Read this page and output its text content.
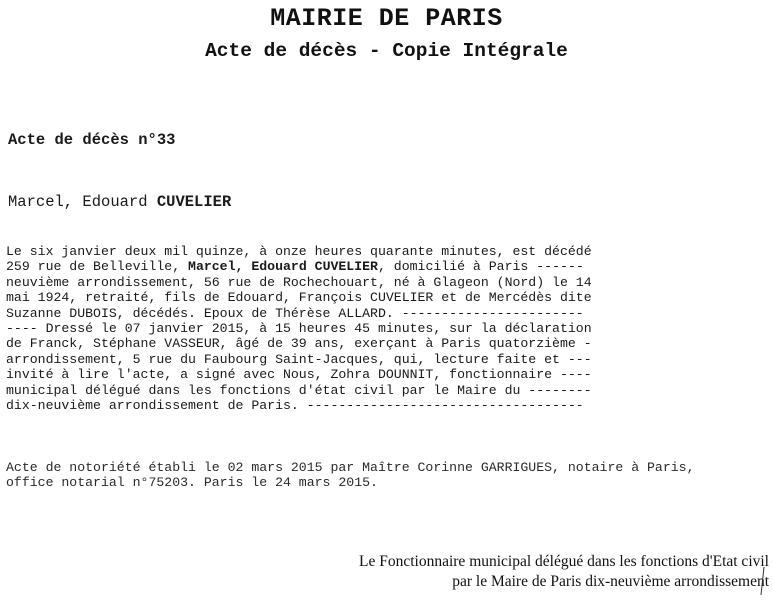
MAIRIE DE PARIS
Acte de décès - Copie Intégrale
Acte de décès n°33
Marcel, Edouard CUVELIER
Le six janvier deux mil quinze, à onze heures quarante minutes, est décédé
259 rue de Belleville, Marcel, Edouard CUVELIER, domicilié à Paris ------
neuvième arrondissement, 56 rue de Rochechouart, né à Glageon (Nord) le 14
mai 1924, retraité, fils de Edouard, François CUVELIER et de Mercédès dite
Suzanne DUBOIS, décédés. Epoux de Thérèse ALLARD. -----------------------
---- Dressé le 07 janvier 2015, à 15 heures 45 minutes, sur la déclaration
de Franck, Stéphane VASSEUR, âgé de 39 ans, exerçant à Paris quatorzième -
arrondissement, 5 rue du Faubourg Saint-Jacques, qui, lecture faite et ---
invité à lire l'acte, a signé avec Nous, Zohra DOUNNIT, fonctionnaire ----
municipal délégué dans les fonctions d'état civil par le Maire du --------
dix-neuvième arrondissement de Paris. -----------------------------------
Acte de notoriété établi le 02 mars 2015 par Maître Corinne GARRIGUES, notaire à Paris,
office notarial n°75203. Paris le 24 mars 2015.
Le Fonctionnaire municipal délégué dans les fonctions d'Etat civil
par le Maire de Paris dix-neuvième arrondissement
